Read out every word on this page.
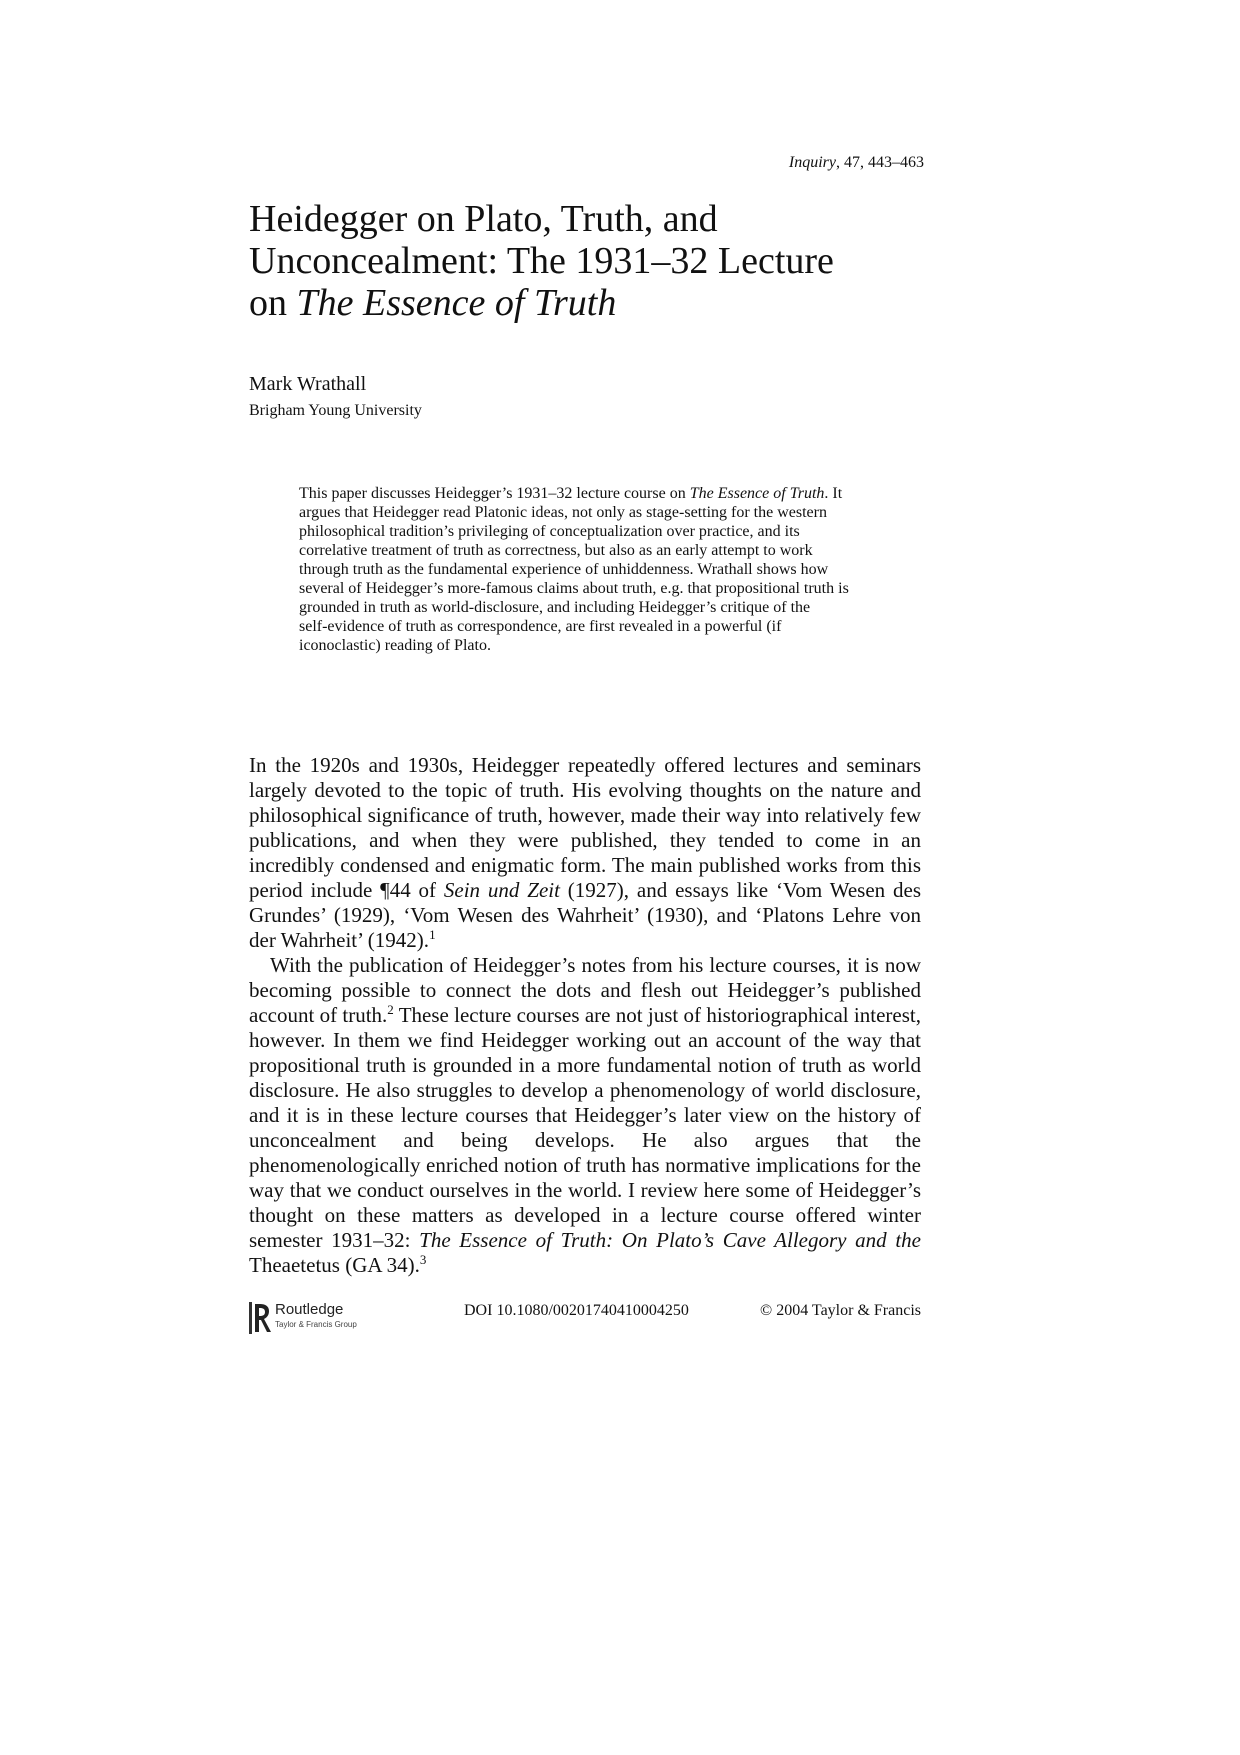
Inquiry, 47, 443–463
Heidegger on Plato, Truth, and
Unconcealment: The 1931–32 Lecture
on The Essence of Truth
Mark Wrathall
Brigham Young University
This paper discusses Heidegger’s 1931–32 lecture course on The Essence of Truth. It
argues that Heidegger read Platonic ideas, not only as stage-setting for the western
philosophical tradition’s privileging of conceptualization over practice, and its
correlative treatment of truth as correctness, but also as an early attempt to work
through truth as the fundamental experience of unhiddenness. Wrathall shows how
several of Heidegger’s more-famous claims about truth, e.g. that propositional truth is
grounded in truth as world-disclosure, and including Heidegger’s critique of the
self-evidence of truth as correspondence, are first revealed in a powerful (if
iconoclastic) reading of Plato.

In the 1920s and 1930s, Heidegger repeatedly offered lectures and seminars largely devoted to the topic of truth. His evolving thoughts on the nature and philosophical significance of truth, however, made their way into relatively few publications, and when they were published, they tended to come in an incredibly condensed and enigmatic form. The main published works from this period include ¶44 of Sein und Zeit (1927), and essays like ‘Vom Wesen des Grundes’ (1929), ‘Vom Wesen des Wahrheit’ (1930), and ‘Platons Lehre von der Wahrheit’ (1942).$^1$

With the publication of Heidegger’s notes from his lecture courses, it is now becoming possible to connect the dots and flesh out Heidegger’s published account of truth.$^2$ These lecture courses are not just of historiographical interest, however. In them we find Heidegger working out an account of the way that propositional truth is grounded in a more fundamental notion of truth as world disclosure. He also struggles to develop a phenomenology of world disclosure, and it is in these lecture courses that Heidegger’s later view on the history of unconcealment and being develops. He also argues that the phenomenologically enriched notion of truth has normative implications for the way that we conduct ourselves in the world. I review here some of Heidegger’s thought on these matters as developed in a lecture course offered winter semester 1931–32: The Essence of Truth: On Plato’s Cave Allegory and the Theaetetus (GA 34).$^3$

Routledge
Taylor & Francis Group
DOI 10.1080/00201740410004250	© 2004 Taylor & Francis
